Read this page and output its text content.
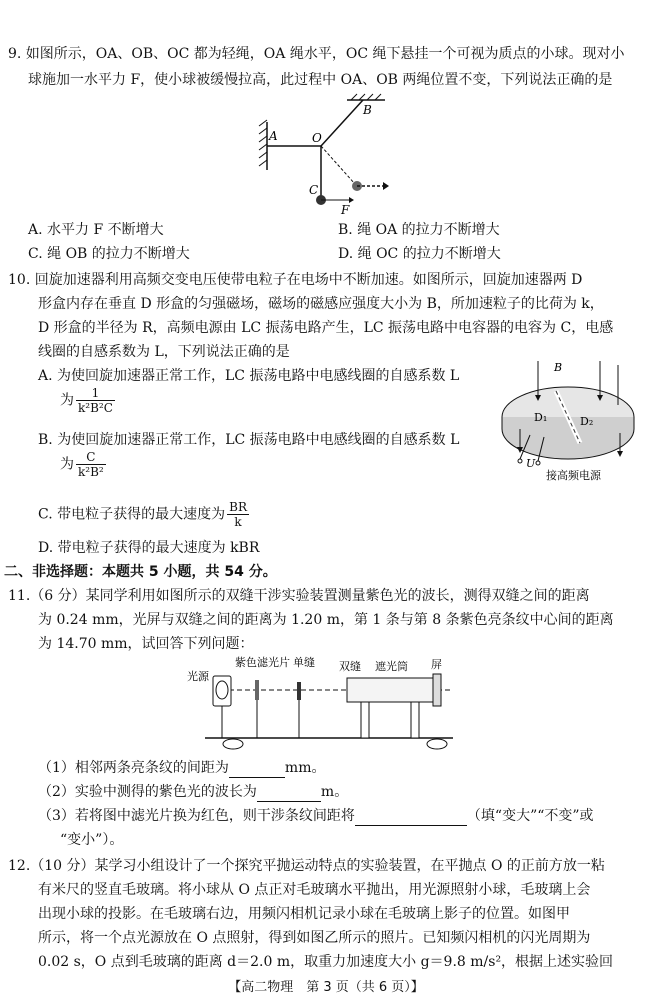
9. 如图所示，OA、OB、OC 都为轻绳，OA 绳水平，OC 绳下悬挂一个可视为质点的小球。现对小
球施加一水平力 F，使小球被缓慢拉高，此过程中 OA、OB 两绳位置不变，下列说法正确的是
A	O
B
C
F
A. 水平力 F 不断增大	B. 绳 OA 的拉力不断增大
C. 绳 OB 的拉力不断增大	D. 绳 OC 的拉力不断增大
10. 回旋加速器利用高频交变电压使带电粒子在电场中不断加速。如图所示，回旋加速器两 D
形盒内存在垂直 D 形盒的匀强磁场，磁场的磁感应强度大小为 B，所加速粒子的比荷为 k，
D 形盒的半径为 R，高频电源由 LC 振荡电路产生，LC 振荡电路中电容器的电容为 C，电感
线圈的自感系数为 L，下列说法正确的是
A. 为使回旋加速器正常工作，LC 振荡电路中电感线圈的自感系数 L
为 $\frac{1}{\text{k²B²C}}$
B. 为使回旋加速器正常工作，LC 振荡电路中电感线圈的自感系数 L
为 $\frac{C}{\text{k²B²}}$
C. 带电粒子获得的最大速度为 $\frac{BR}{k}$
D. 带电粒子获得的最大速度为 kBR
B
D₁	D₂
U
接高频电源
二、非选择题：本题共 5 小题，共 54 分。
11.（6 分）某同学利用如图所示的双缝干涉实验装置测量紫色光的波长，测得双缝之间的距离
为 0.24 mm，光屏与双缝之间的距离为 1.20 m，第 1 条与第 8 条紫色亮条纹中心间的距离
为 14.70 mm，试回答下列问题：
光源
紫色滤光片 单缝 双缝 遮光筒 屏
（1）相邻两条亮条纹的间距为	mm。
（2）实验中测得的紫色光的波长为	m。
（3）若将图中滤光片换为红色，则干涉条纹间距将	（填“变大”“不变”或
“变小”）。
12.（10 分）某学习小组设计了一个探究平抛运动特点的实验装置，在平抛点 O 的正前方放一粘
有米尺的竖直毛玻璃。将小球从 O 点正对毛玻璃水平抛出，用光源照射小球，毛玻璃上会
出现小球的投影。在毛玻璃右边，用频闪相机记录小球在毛玻璃上影子的位置。如图甲
所示，将一个点光源放在 O 点照射，得到如图乙所示的照片。已知频闪相机的闪光周期为
0.02 s，O 点到毛玻璃的距离 d＝2.0 m，取重力加速度大小 g＝9.8 m/s²，根据上述实验回
【高二物理　第 3 页（共 6 页）】
